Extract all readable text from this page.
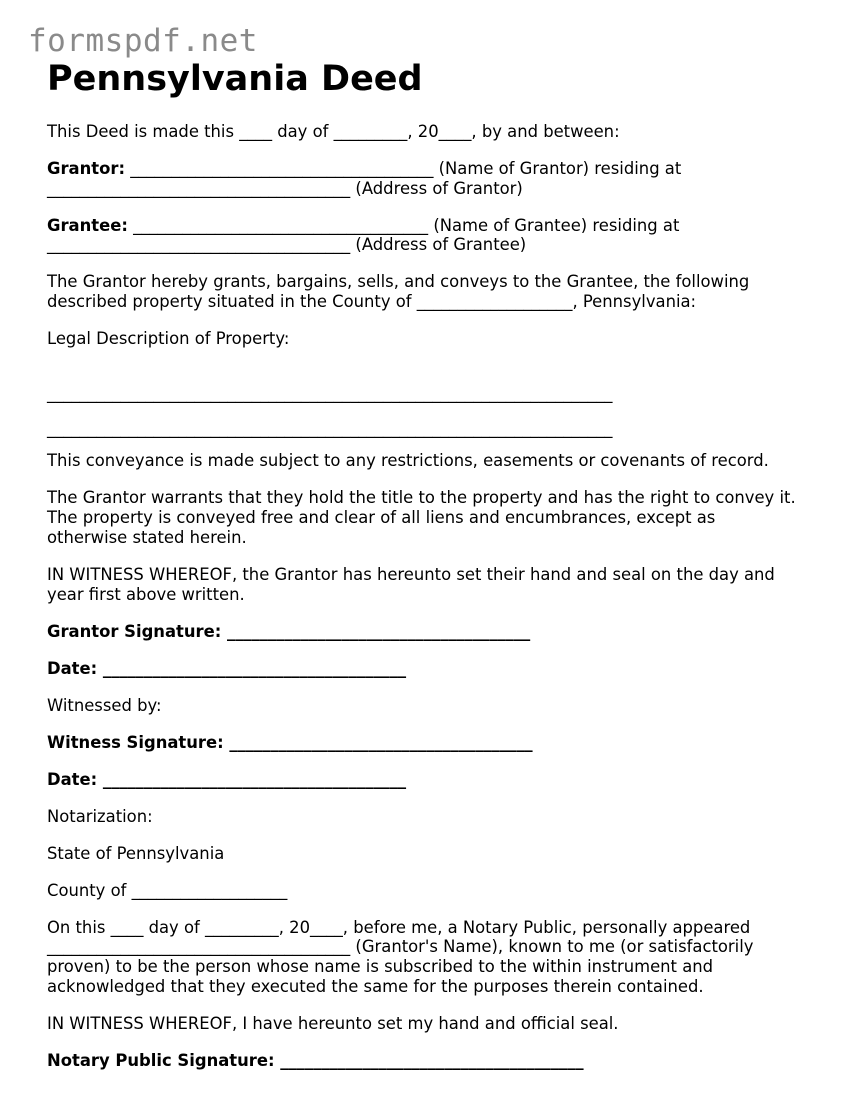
formspdf.net
Pennsylvania Deed

This Deed is made this ____ day of _________, 20____, by and between:

Grantor: _____________________________________ (Name of Grantor) residing at
_____________________________________ (Address of Grantor)

Grantee: ____________________________________ (Name of Grantee) residing at
_____________________________________ (Address of Grantee)

The Grantor hereby grants, bargains, sells, and conveys to the Grantee, the following
described property situated in the County of ___________________, Pennsylvania:

Legal Description of Property:

_____________________________________________________________________
_____________________________________________________________________

This conveyance is made subject to any restrictions, easements or covenants of record.

The Grantor warrants that they hold the title to the property and has the right to convey it.
The property is conveyed free and clear of all liens and encumbrances, except as
otherwise stated herein.

IN WITNESS WHEREOF, the Grantor has hereunto set their hand and seal on the day and
year first above written.

Grantor Signature: _____________________________________

Date: _____________________________________

Witnessed by:

Witness Signature: _____________________________________

Date: _____________________________________

Notarization:

State of Pennsylvania

County of ___________________

On this ____ day of _________, 20____, before me, a Notary Public, personally appeared
_____________________________________ (Grantor's Name), known to me (or satisfactorily
proven) to be the person whose name is subscribed to the within instrument and
acknowledged that they executed the same for the purposes therein contained.

IN WITNESS WHEREOF, I have hereunto set my hand and official seal.

Notary Public Signature: _____________________________________
